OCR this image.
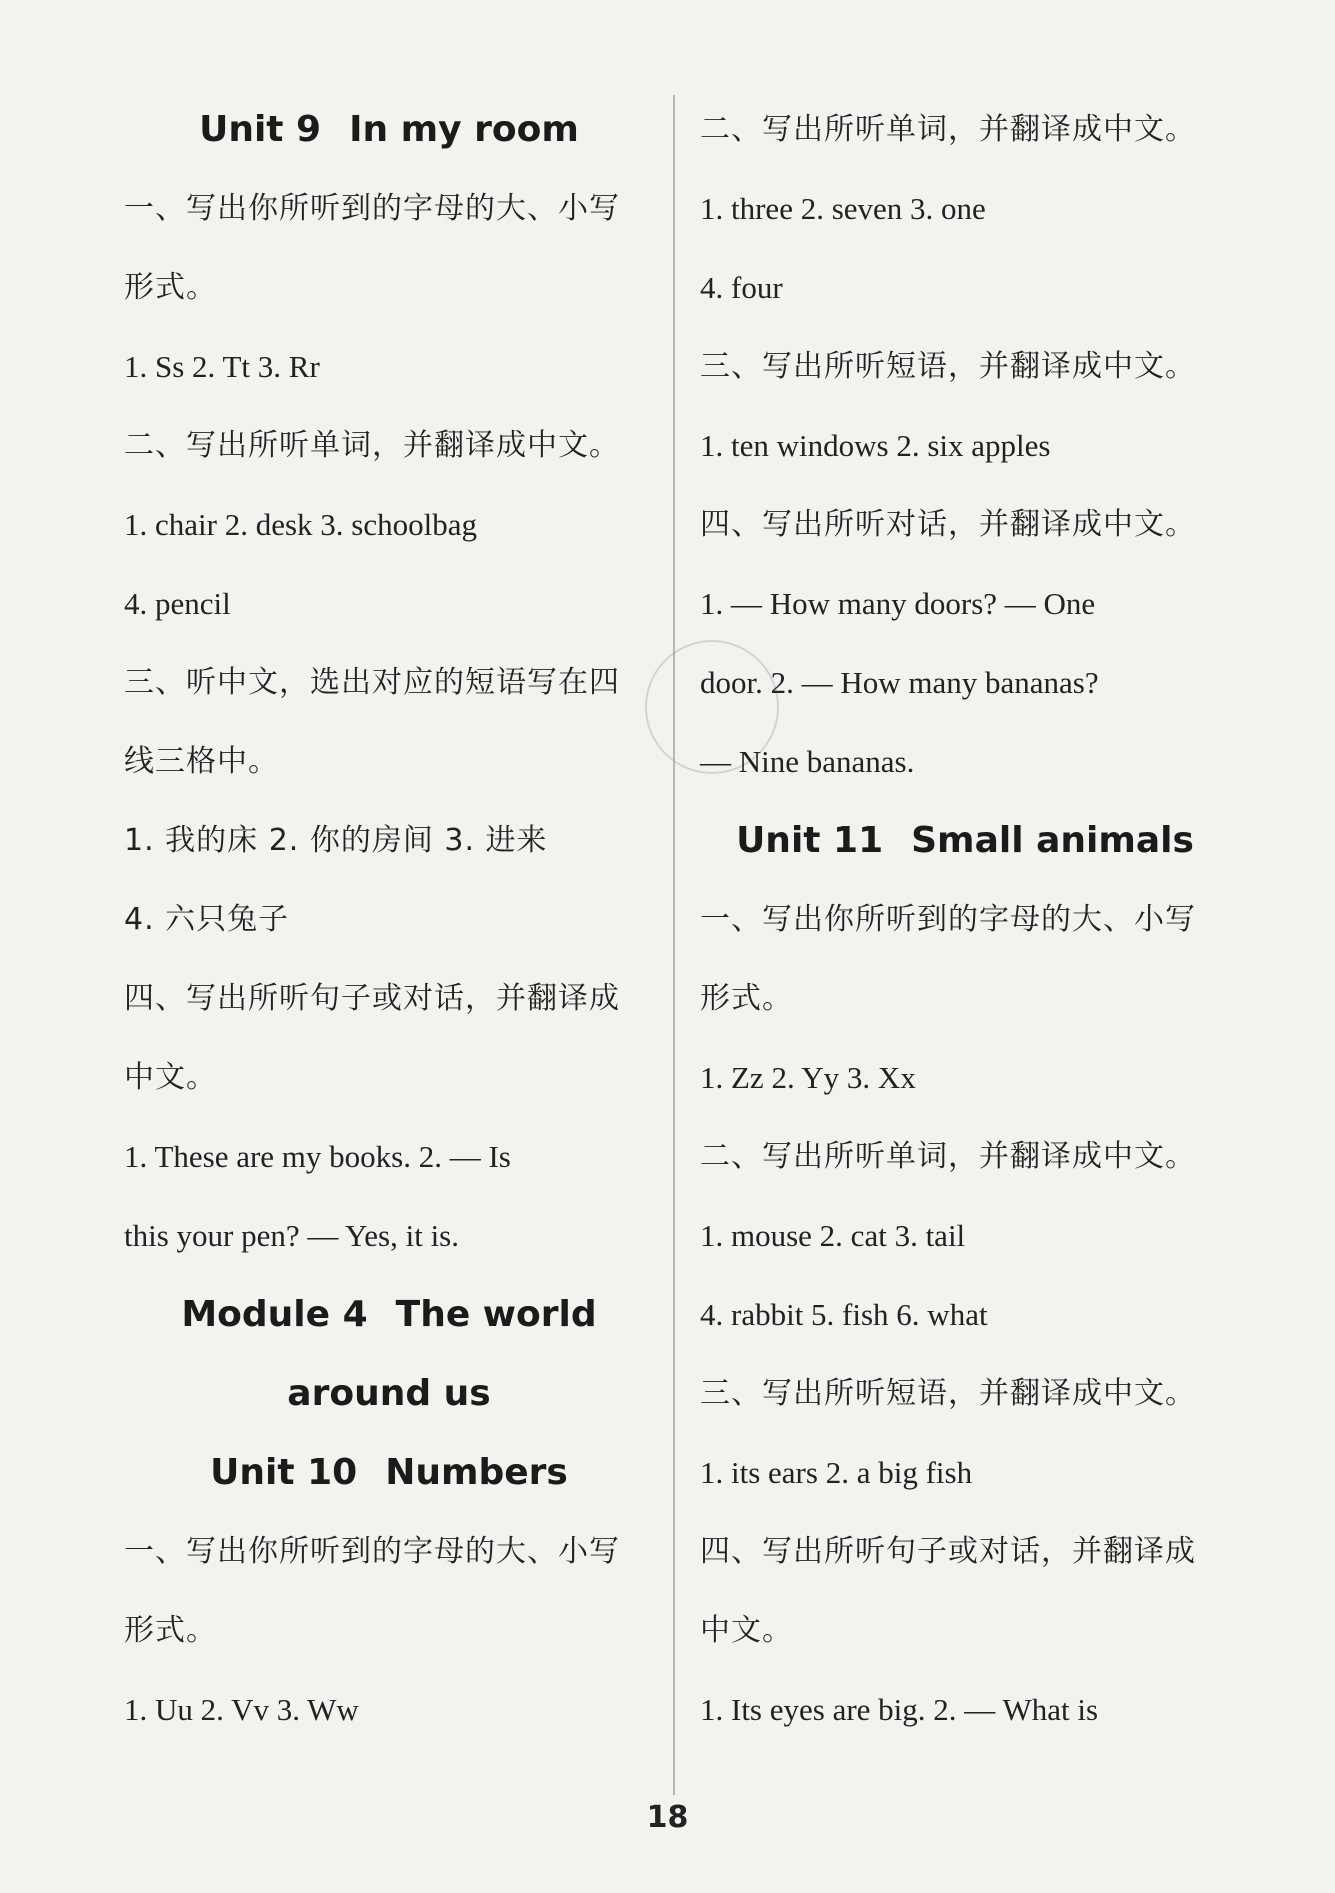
Unit 9 In my room
一、写出你所听到的字母的大、小写
形式。
1. Ss 2. Tt 3. Rr
二、写出所听单词，并翻译成中文。
1. chair 2. desk 3. schoolbag
4. pencil
三、听中文，选出对应的短语写在四
线三格中。
1. 我的床 2. 你的房间 3. 进来
4. 六只兔子
四、写出所听句子或对话，并翻译成
中文。
1. These are my books. 2. — Is
this your pen? — Yes, it is.
Module 4 The world
around us
Unit 10 Numbers
一、写出你所听到的字母的大、小写
形式。
1. Uu 2. Vv 3. Ww
二、写出所听单词，并翻译成中文。
1. three 2. seven 3. one
4. four
三、写出所听短语，并翻译成中文。
1. ten windows 2. six apples
四、写出所听对话，并翻译成中文。
1. — How many doors? — One
door. 2. — How many bananas?
— Nine bananas.
Unit 11 Small animals
一、写出你所听到的字母的大、小写
形式。
1. Zz 2. Yy 3. Xx
二、写出所听单词，并翻译成中文。
1. mouse 2. cat 3. tail
4. rabbit 5. fish 6. what
三、写出所听短语，并翻译成中文。
1. its ears 2. a big fish
四、写出所听句子或对话，并翻译成
中文。
1. Its eyes are big. 2. — What is
18
